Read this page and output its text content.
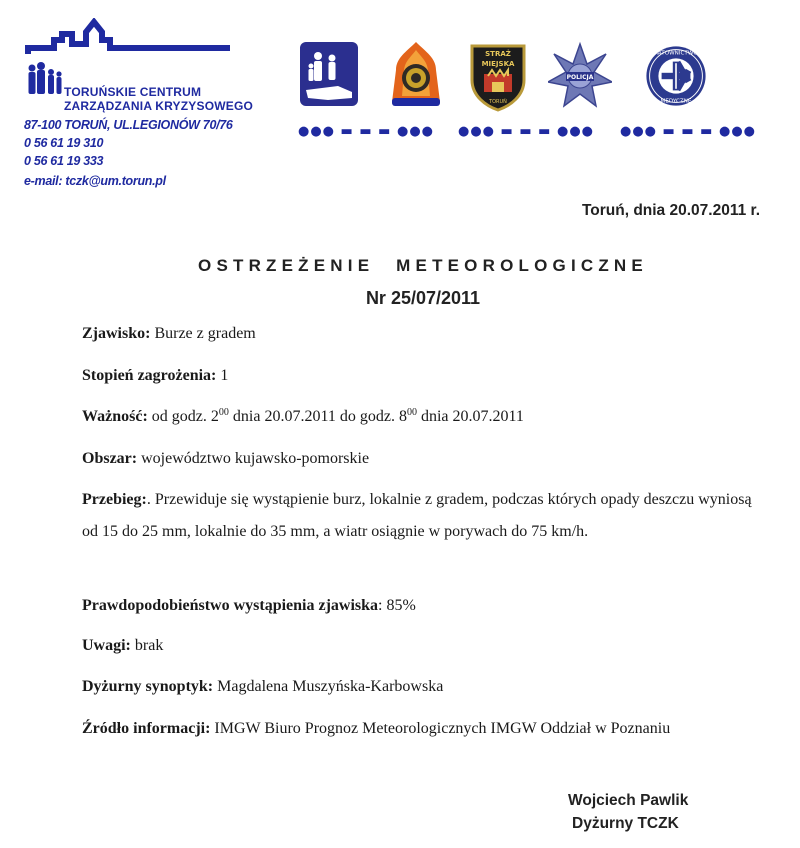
TORUŃSKIE CENTRUM
ZARZĄDZANIA KRYZYSOWEGO
87-100 TORUŃ, UL.LEGIONÓW 70/76
0 56 61 19 310
0 56 61 19 333
e-mail: tczk@um.torun.pl
STRAŻ
MIEJSKA
TORUŃ
POLICJA
RATOWNICTWO
MEDYCZNE
●●● ▬ ▬ ▬ ●●● ●●● ▬ ▬ ▬ ●●● ●●● ▬ ▬ ▬ ●●●
Toruń, dnia 20.07.2011 r.
OSTRZEŻENIE METEOROLOGICZNE
Nr 25/07/2011
Zjawisko: Burze z gradem
Stopień zagrożenia: 1
Ważność: od godz. $2^{00}$ dnia 20.07.2011 do godz. $8^{00}$ dnia 20.07.2011
Obszar: województwo kujawsko-pomorskie
Przebieg:. Przewiduje się wystąpienie burz, lokalnie z gradem, podczas których opady deszczu wyniosą od 15 do 25 mm, lokalnie do 35 mm, a wiatr osiągnie w porywach do 75 km/h.
Prawdopodobieństwo wystąpienia zjawiska: 85%
Uwagi: brak
Dyżurny synoptyk: Magdalena Muszyńska-Karbowska
Źródło informacji: IMGW Biuro Prognoz Meteorologicznych IMGW Oddział w Poznaniu
Wojciech Pawlik
Dyżurny TCZK
